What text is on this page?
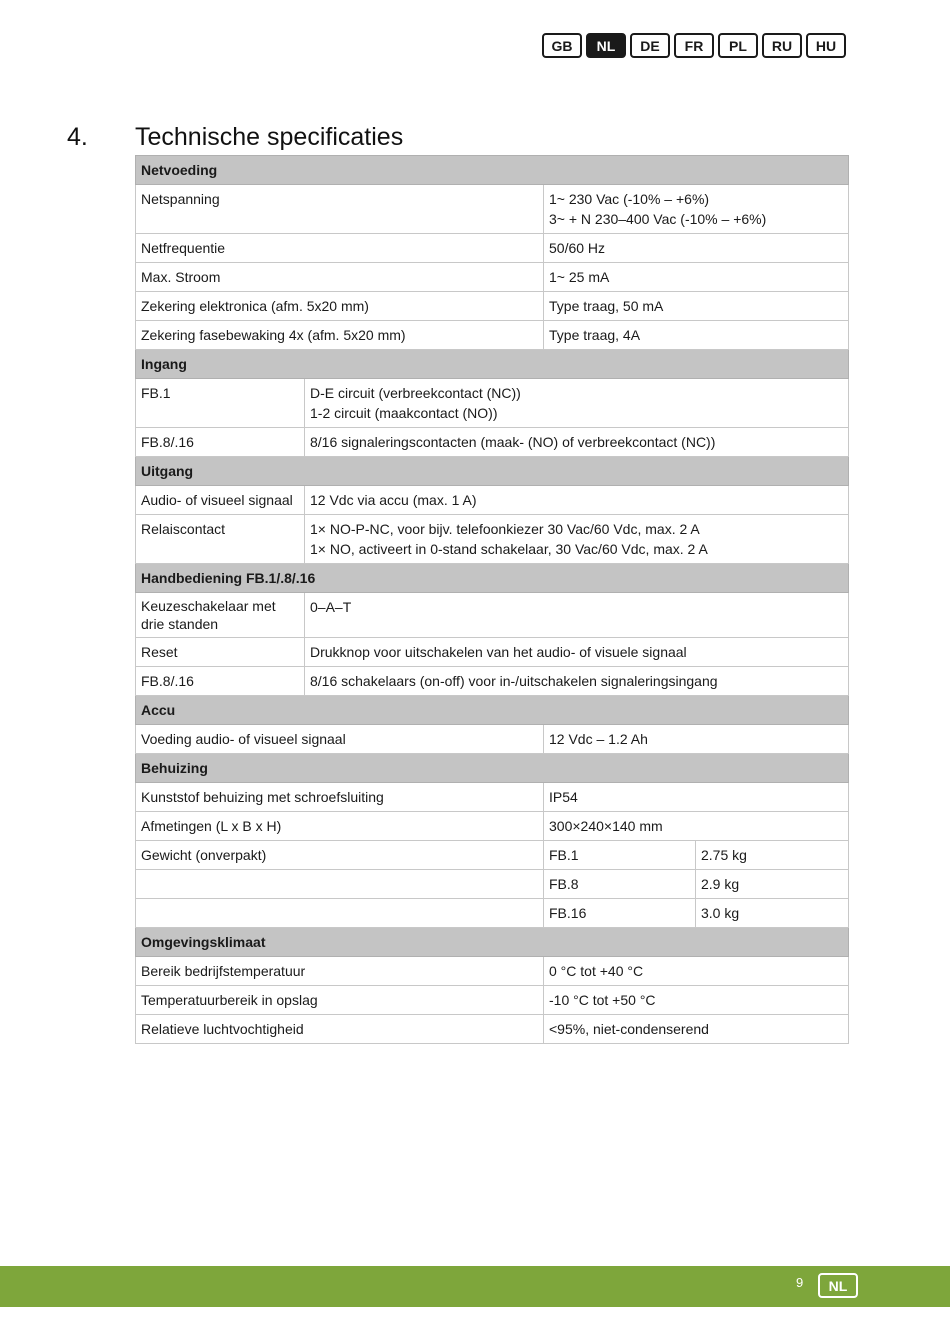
GB	NL	DE	FR	PL	RU	HU
4. Technische specificaties
Netvoeding			
Netspanning		1~ 230 Vac (-10% – +6%)
3~ + N 230–400 Vac (-10% – +6%)	

Netfrequentie		50/60 Hz	
Max. Stroom		1~ 25 mA	
Zekering elektronica (afm. 5x20 mm)		Type traag, 50 mA	
Zekering fasebewaking 4x (afm. 5x20 mm)		Type traag, 4A	
Ingang			
FB.1	D-E circuit (verbreekcontact (NC))
1-2 circuit (maakcontact (NO))		

FB.8/.16	8/16 signaleringscontacten (maak- (NO) of verbreekcontact (NC))		
Uitgang			
Audio- of visueel signaal	12 Vdc via accu (max. 1 A)		
Relaiscontact	1× NO-P-NC, voor bijv. telefoonkiezer 30 Vac/60 Vdc, max. 2 A
1× NO, activeert in 0-stand schakelaar, 30 Vac/60 Vdc, max. 2 A		

Handbediening FB.1/.8/.16			
Keuzeschakelaar met drie standen	0–A–T		
Reset	Drukknop voor uitschakelen van het audio- of visuele signaal		
FB.8/.16	8/16 schakelaars (on-off) voor in-/uitschakelen signaleringsingang		
Accu			
Voeding audio- of visueel signaal		12 Vdc – 1.2 Ah	
Behuizing			
Kunststof behuizing met schroefsluiting		IP54	
Afmetingen (L x B x H)		300×240×140 mm	
Gewicht (onverpakt)		FB.1	2.75 kg
		FB.8	2.9 kg
		FB.16	3.0 kg
Omgevingsklimaat			
Bereik bedrijfstemperatuur		0 °C tot +40 °C	
Temperatuurbereik in opslag		-10 °C tot +50 °C	
Relatieve luchtvochtigheid		<95%, niet-condenserend	
9	NL
